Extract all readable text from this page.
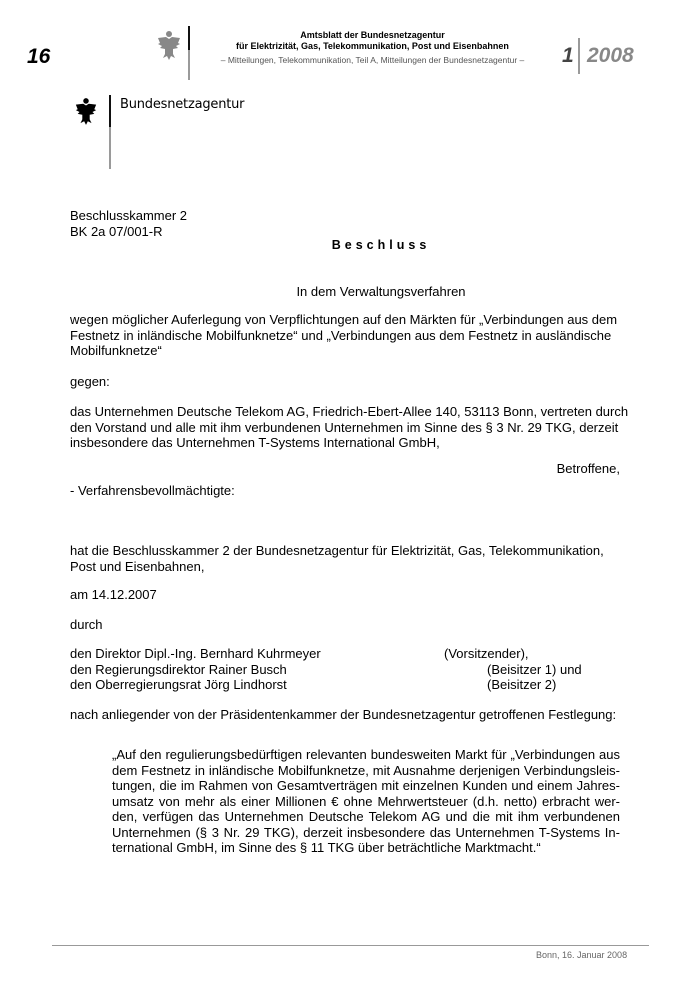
16
Amtsblatt der Bundesnetzagentur
für Elektrizität, Gas, Telekommunikation, Post und Eisenbahnen
– Mitteilungen, Telekommunikation, Teil A, Mitteilungen der Bundesnetzagentur –	1 2008
Bundesnetzagentur
Beschlusskammer 2
BK 2a 07/001-R
Beschluss
In dem Verwaltungsverfahren
wegen möglicher Auferlegung von Verpflichtungen auf den Märkten für „Verbindungen aus dem Festnetz in inländische Mobilfunknetze“ und „Verbindungen aus dem Festnetz in ausländische Mobilfunknetze“
gegen:
das Unternehmen Deutsche Telekom AG, Friedrich-Ebert-Allee 140, 53113 Bonn, vertreten durch den Vorstand und alle mit ihm verbundenen Unternehmen im Sinne des § 3 Nr. 29 TKG, derzeit insbesondere das Unternehmen T-Systems International GmbH,
Betroffene,
- Verfahrensbevollmächtigte:
hat die Beschlusskammer 2 der Bundesnetzagentur für Elektrizität, Gas, Telekommunikation, Post und Eisenbahnen,
am 14.12.2007
durch
den Direktor Dipl.-Ing. Bernhard Kuhrmeyer	(Vorsitzender),
den Regierungsdirektor Rainer Busch	(Beisitzer 1) und
den Oberregierungsrat Jörg Lindhorst	(Beisitzer 2)
nach anliegender von der Präsidentenkammer der Bundesnetzagentur getroffenen Festlegung:
„Auf den regulierungsbedürftigen relevanten bundesweiten Markt für „Verbindungen aus dem Festnetz in inländische Mobilfunknetze, mit Ausnahme derjenigen Verbindungsleistungen, die im Rahmen von Gesamtverträgen mit einzelnen Kunden und einem Jahresumsatz von mehr als einer Millionen € ohne Mehrwertsteuer (d.h. netto) erbracht werden, verfügen das Unternehmen Deutsche Telekom AG und die mit ihm verbundenen Unternehmen (§ 3 Nr. 29 TKG), derzeit insbesondere das Unternehmen T-Systems International GmbH, im Sinne des § 11 TKG über beträchtliche Marktmacht.“
Bonn, 16. Januar 2008
